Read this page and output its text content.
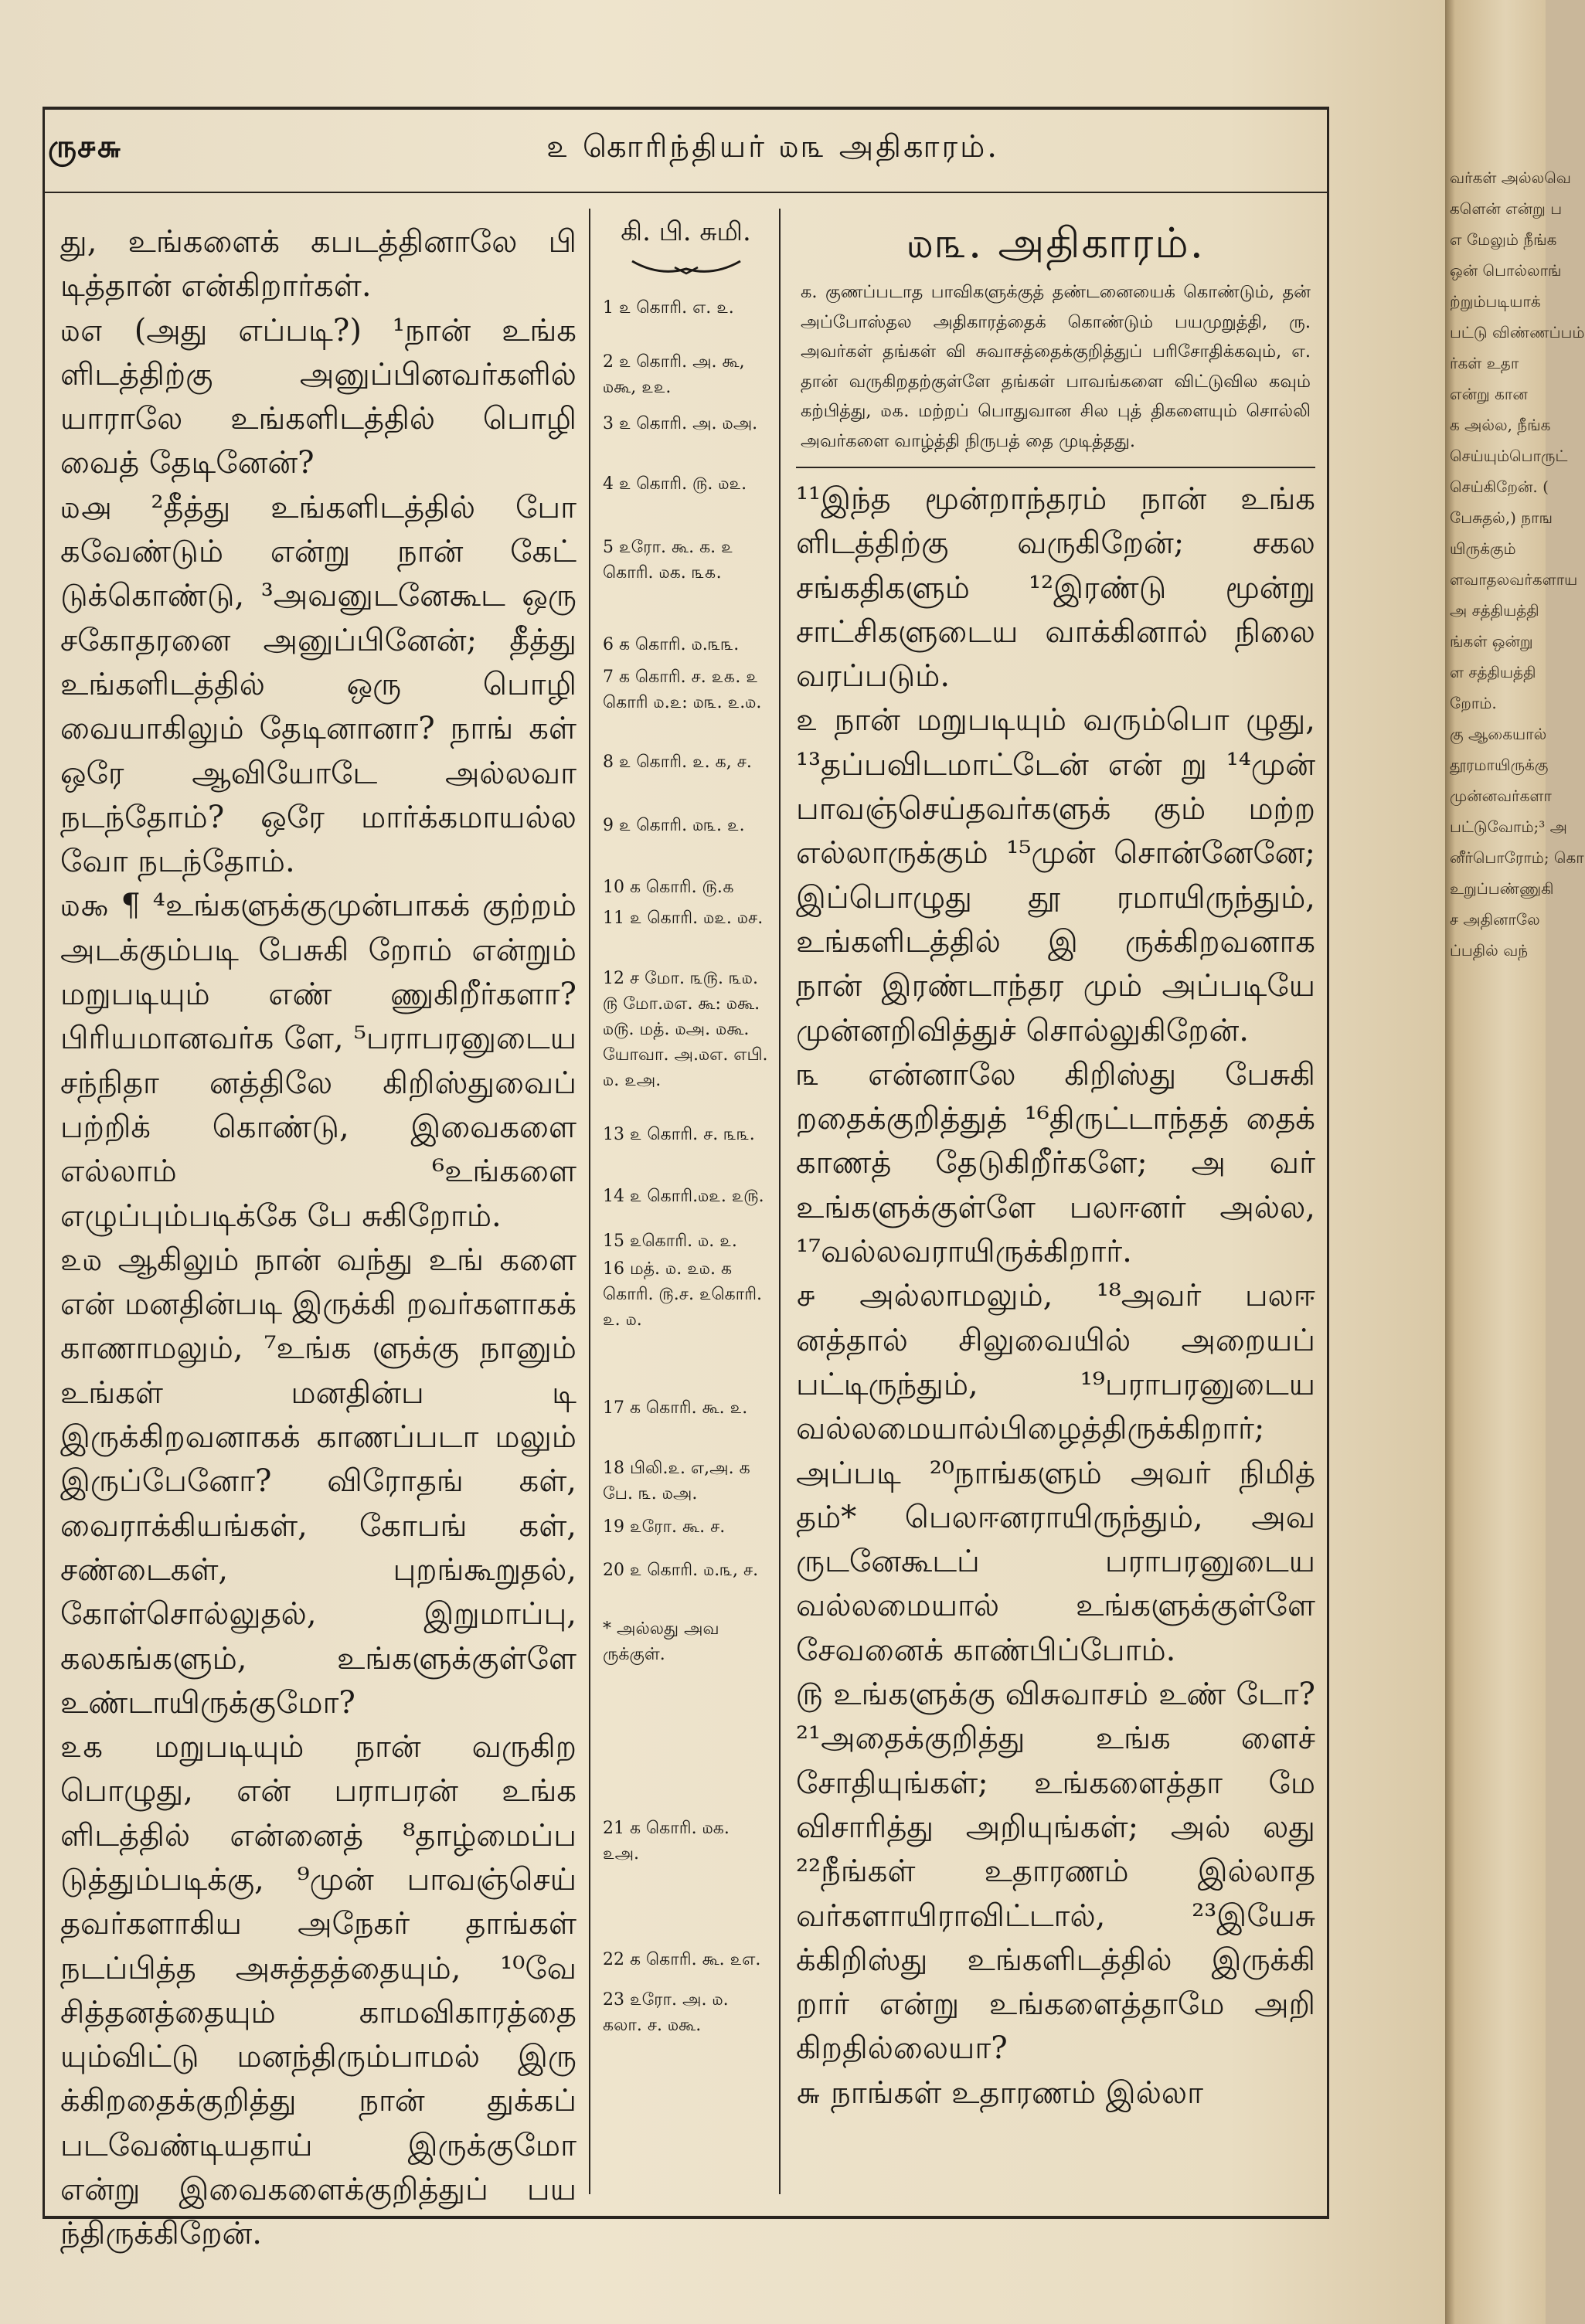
ரு௪௬	௨ கொரிந்தியர் ௰௩ அதிகாரம்.

து, உங்களைக் கபடத்தினாலே பி டித்தான் என்கிறார்கள்.

௰௭ (அது எப்படி?) ¹நான் உங்க ளிடத்திற்கு அனுப்பினவர்களில் யாராலே உங்களிடத்தில் பொழி வைத் தேடினேன்?

௰௮ ²தீத்து உங்களிடத்தில் போ கவேண்டும் என்று நான் கேட் டுக்கொண்டு, ³அவனுடனேகூட ஒரு சகோதரனை அனுப்பினேன்; தீத்து உங்களிடத்தில் ஒரு பொழி வையாகிலும் தேடினானா? நாங் கள் ஒரே ஆவியோடே அல்லவா நடந்தோம்? ஒரே மார்க்கமாயல்ல வோ நடந்தோம்.

௰௯ ¶ ⁴உங்களுக்குமுன்பாகக் குற்றம் அடக்கும்படி பேசுகி றோம் என்றும் மறுபடியும் எண் ணுகிறீர்களா? பிரியமானவர்க ளே, ⁵பராபரனுடைய சந்நிதா னத்திலே கிறிஸ்துவைப் பற்றிக் கொண்டு, இவைகளை எல்லாம் ⁶உங்களை எழுப்பும்படிக்கே பே சுகிறோம்.

௨௰ ஆகிலும் நான் வந்து உங் களை என் மனதின்படி இருக்கி றவர்களாகக் காணாமலும், ⁷உங்க ளுக்கு நானும் உங்கள் மனதின்ப டி இருக்கிறவனாகக் காணப்படா மலும் இருப்பேனோ? விரோதங் கள், வைராக்கியங்கள், கோபங் கள், சண்டைகள், புறங்கூறுதல், கோள்சொல்லுதல், இறுமாப்பு, கலகங்களும், உங்களுக்குள்ளே உண்டாயிருக்குமோ?

௨௧ மறுபடியும் நான் வருகிற பொழுது, என் பராபரன் உங்க ளிடத்தில் என்னைத் ⁸தாழ்மைப்ப டுத்தும்படிக்கு, ⁹முன் பாவஞ்செய் தவர்களாகிய அநேகர் தாங்கள் நடப்பித்த அசுத்தத்தையும், ¹⁰வே சித்தனத்தையும் காமவிகாரத்தை யும்விட்டு மனந்திரும்பாமல் இரு க்கிறதைக்குறித்து நான் துக்கப் படவேண்டியதாய் இருக்குமோ என்று இவைகளைக்குறித்துப் பய ந்திருக்கிறேன்.

கி. பி. சுமி.
1 ௨ கொரி. எ. ௨.
2 ௨ கொரி. அ. கூ, ௰கூ, ௨௨.
3 ௨ கொரி. அ. ௰அ.
4 ௨ கொரி. ௫. ௰௨.
5 ௨ரோ. கூ. க. ௨ கொரி. ௰க. ௩௧.
6 க கொரி. ௰.௩௩.
7 க கொரி. ச. ௨௧. ௨ கொரி ௰.௨: ௰௩. ௨.௰.
8 ௨ கொரி. ௨. க, ச.
9 ௨ கொரி. ௰௩. ௨.
10 க கொரி. ௫.௧
11 ௨ கொரி. ௰௨. ௰ச.
12 ச மோ. ௩௫. ௩௰. ௫ மோ.௰எ. கூ: ௰கூ. ௰௫. மத். ௰அ. ௰கூ. யோவா. அ.௰எ. எபி. ௰. ௨அ.
13 ௨ கொரி. ச. ௩௩.
14 ௨ கொரி.௰௨. ௨௫.
15 ௨கொரி. ௰. ௨.
16 மத். ௰. ௨௰. க கொரி. ௫.ச. ௨கொரி. ௨. ௰.
17 க கொரி. கூ. ௨.
18 பிலி.௨. எ,அ. க பே. ௩. ௰அ.
19 ௨ரோ. கூ. ச.
20 ௨ கொரி. ௰.௩, ச.
* அல்லது அவ ருக்குள்.
21 க கொரி. ௰க. ௨அ.
22 க கொரி. கூ. ௨எ.
23 ௨ரோ. அ. ௰. கலா. ச. ௰கூ.
௰௩. அதிகாரம்.
க. குணப்படாத பாவிகளுக்குத் தண்டனையைக் கொண்டும், தன் அப்போஸ்தல அதிகாரத்தைக் கொண்டும் பயமுறுத்தி, ரு. அவர்கள் தங்கள் வி சுவாசத்தைக்குறித்துப் பரிசோதிக்கவும், எ. தான் வருகிறதற்குள்ளே தங்கள் பாவங்களை விட்டுவில கவும் கற்பித்து, ௰௧. மற்றப் பொதுவான சில புத் திகளையும் சொல்லி அவர்களை வாழ்த்தி நிருபத் தை முடித்தது.

¹¹இந்த மூன்றாந்தரம் நான் உங்க ளிடத்திற்கு வருகிறேன்; சகல சங்கதிகளும் ¹²இரண்டு மூன்று சாட்சிகளுடைய வாக்கினால் நிலை வரப்படும்.

௨ நான் மறுபடியும் வரும்பொ ழுது, ¹³தப்பவிடமாட்டேன் என் று ¹⁴முன் பாவஞ்செய்தவர்களுக் கும் மற்ற எல்லாருக்கும் ¹⁵முன் சொன்னேனே; இப்பொழுது தூ ரமாயிருந்தும், உங்களிடத்தில் இ ருக்கிறவனாக நான் இரண்டாந்தர மும் அப்படியே முன்னறிவித்துச் சொல்லுகிறேன்.

௩ என்னாலே கிறிஸ்து பேசுகி றதைக்குறித்துத் ¹⁶திருட்டாந்தத் தைக் காணத் தேடுகிறீர்களே; அ வர் உங்களுக்குள்ளே பலஈனர் அல்ல, ¹⁷வல்லவராயிருக்கிறார்.

௪ அல்லாமலும், ¹⁸அவர் பலஈ னத்தால் சிலுவையில் அறையப் பட்டிருந்தும், ¹⁹பராபரனுடைய வல்லமையால்பிழைத்திருக்கிறார்; அப்படி ²⁰நாங்களும் அவர் நிமித் தம்* பெலஈனராயிருந்தும், அவ ருடனேகூடப் பராபரனுடைய வல்லமையால் உங்களுக்குள்ளே சேவனைக் காண்பிப்போம்.

௫ உங்களுக்கு விசுவாசம் உண் டோ? ²¹அதைக்குறித்து உங்க ளைச் சோதியுங்கள்; உங்களைத்தா மே விசாரித்து அறியுங்கள்; அல் லது ²²நீங்கள் உதாரணம் இல்லாத வர்களாயிராவிட்டால், ²³இயேசு க்கிறிஸ்து உங்களிடத்தில் இருக்கி றார் என்று உங்களைத்தாமே அறி கிறதில்லையா?

௬ நாங்கள் உதாரணம் இல்லா

வர்கள் அல்லவெ
களென் என்று ப
எ மேலும் நீங்க
ஒன் பொல்லாங்
ற்றும்படியாக்
பட்டு விண்ணப்பம்
ர்கள் உதா
என்று கான
க அல்ல, நீங்க
செய்யும்பொருட்
செய்கிறேன். (
பேசுதல்,) நாங
யிருக்கும்
ளவாதலவர்களாய
அ சத்தியத்தி
ங்கள் ஒன்று
ள சத்தியத்தி
றோம்.
கு ஆகையால்
தூரமாயிருக்கு
முன்னவர்களா
பட்டுவோம்;³ அ
னீர்பொரோம்; கொ
உறுப்பண்ணுகி
ச அதினாலே
ப்பதில் வந்
